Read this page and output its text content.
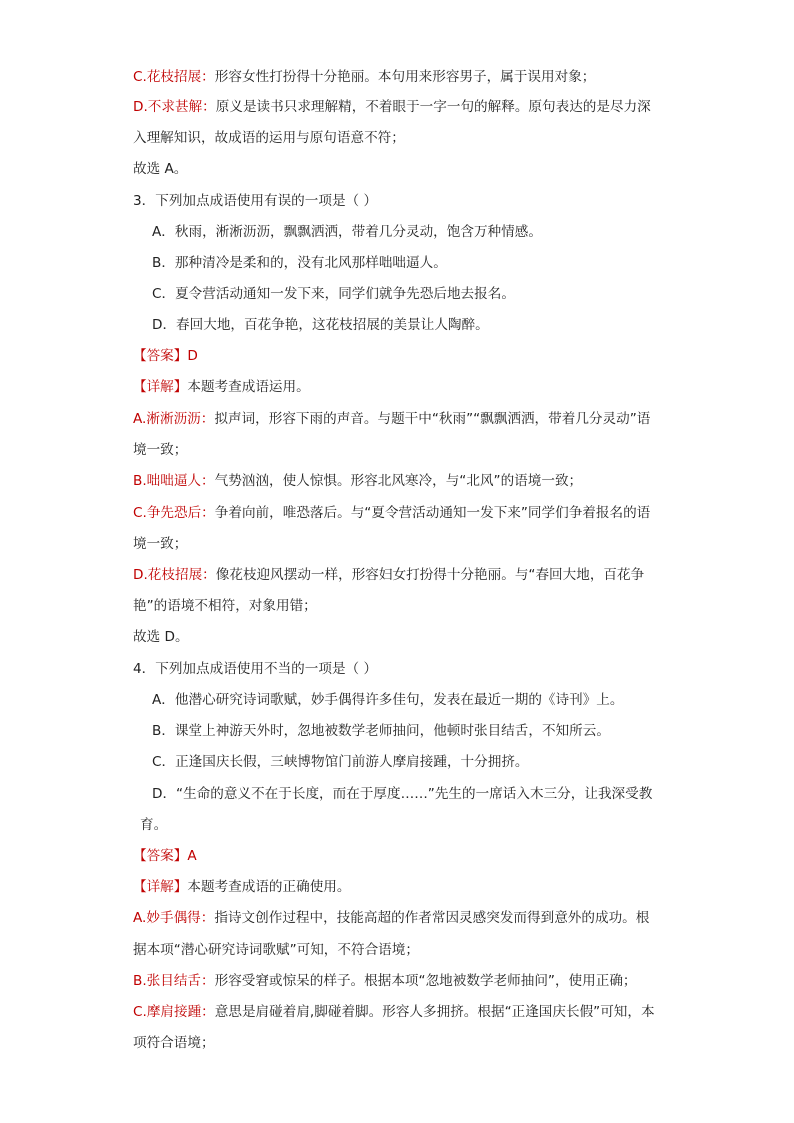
C.花枝招展：形容女性打扮得十分艳丽。本句用来形容男子，属于误用对象；
D.不求甚解：原义是读书只求理解精，不着眼于一字一句的解释。原句表达的是尽力深
入理解知识，故成语的运用与原句语意不符；
故选 A。
3．下列加点成语使用有误的一项是（ ）
A．秋雨，淅淅沥沥，飘飘洒洒，带着几分灵动，饱含万种情感。
B．那种清冷是柔和的，没有北风那样咄咄逼人。
C．夏令营活动通知一发下来，同学们就争先恐后地去报名。
D．春回大地，百花争艳，这花枝招展的美景让人陶醉。
【答案】D
【详解】本题考查成语运用。
A.淅淅沥沥：拟声词，形容下雨的声音。与题干中“秋雨”“飘飘洒洒，带着几分灵动”语
境一致；
B.咄咄逼人：气势汹汹，使人惊惧。形容北风寒冷，与“北风”的语境一致；
C.争先恐后：争着向前，唯恐落后。与“夏令营活动通知一发下来”同学们争着报名的语
境一致；
D.花枝招展：像花枝迎风摆动一样，形容妇女打扮得十分艳丽。与“春回大地，百花争
艳”的语境不相符，对象用错；
故选 D。
4．下列加点成语使用不当的一项是（ ）
A．他潜心研究诗词歌赋，妙手偶得许多佳句，发表在最近一期的《诗刊》上。
B．课堂上神游天外时，忽地被数学老师抽问，他顿时张目结舌，不知所云。
C．正逢国庆长假，三峡博物馆门前游人摩肩接踵，十分拥挤。
D．“生命的意义不在于长度，而在于厚度……”先生的一席话入木三分，让我深受教
育。
【答案】A
【详解】本题考查成语的正确使用。
A.妙手偶得：指诗文创作过程中，技能高超的作者常因灵感突发而得到意外的成功。根
据本项“潜心研究诗词歌赋”可知，不符合语境；
B.张目结舌：形容受窘或惊呆的样子。根据本项“忽地被数学老师抽问”，使用正确；
C.摩肩接踵：意思是肩碰着肩,脚碰着脚。形容人多拥挤。根据“正逢国庆长假”可知，本
项符合语境；
